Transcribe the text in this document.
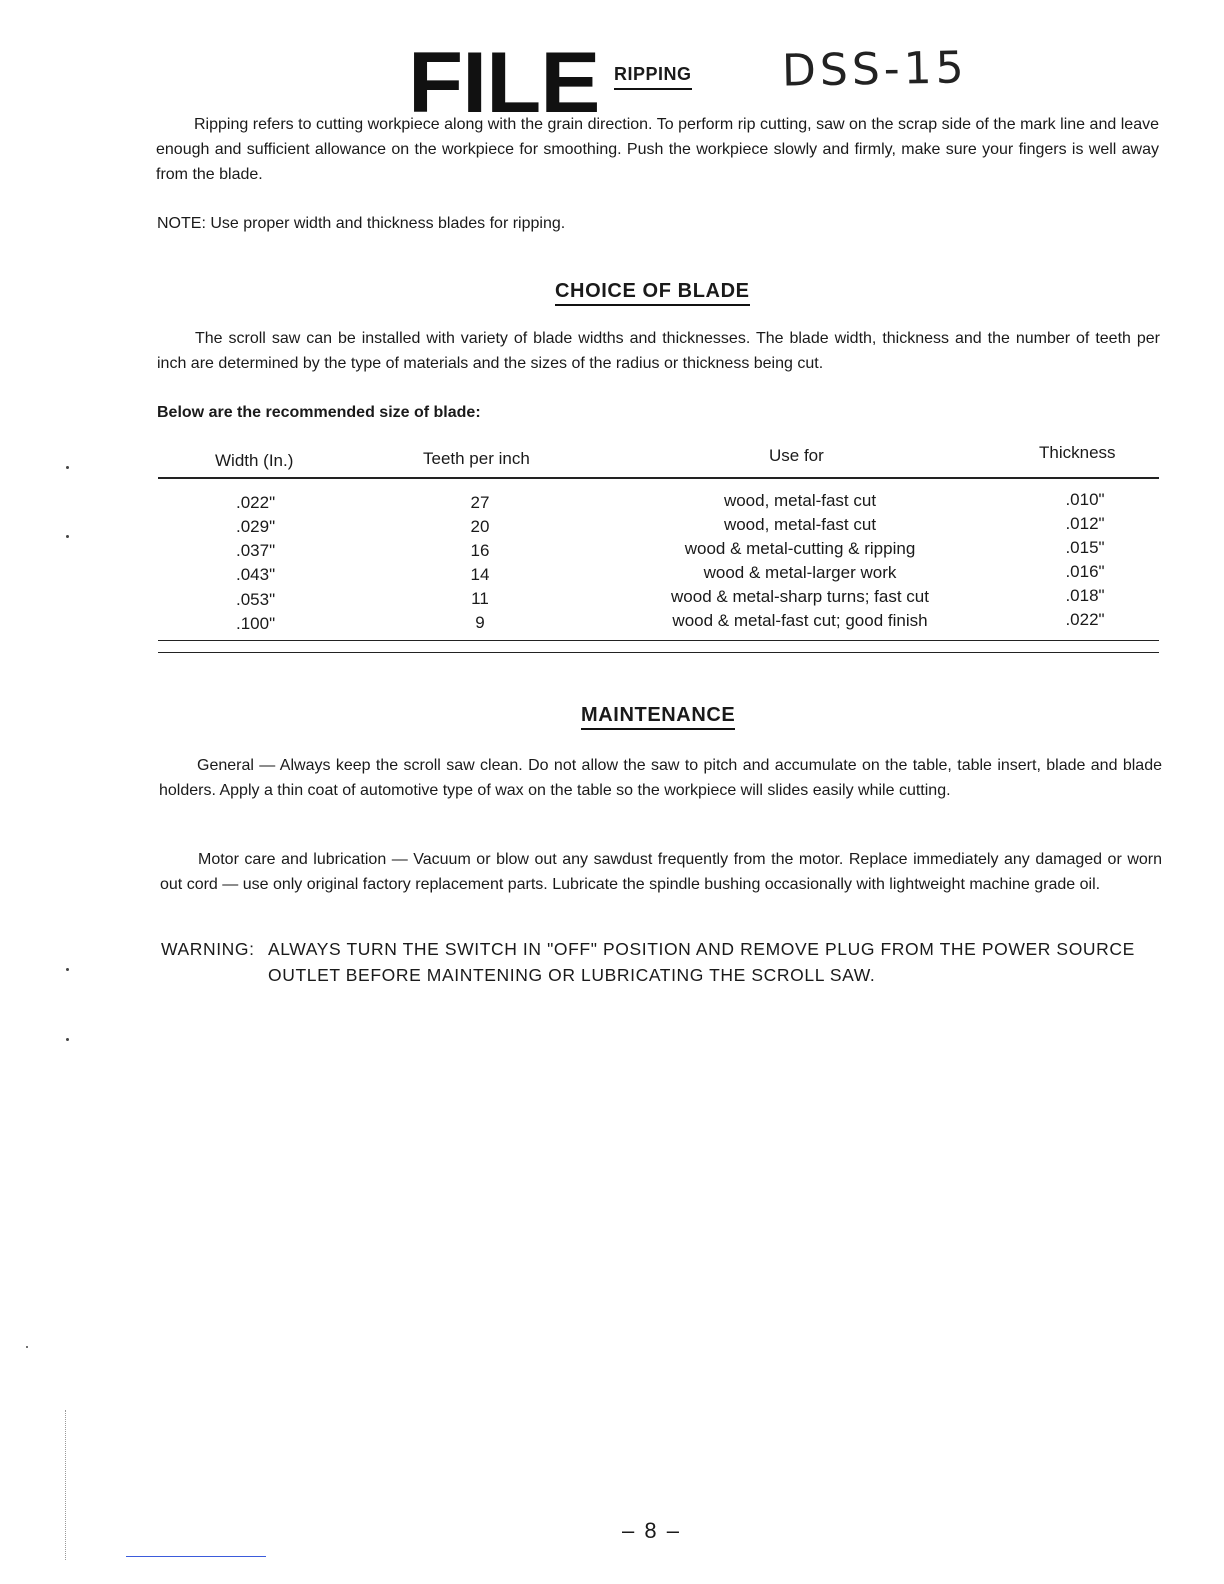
FILE RIPPING DSS-15
Ripping refers to cutting workpiece along with the grain direction. To perform rip cutting, saw on the scrap side of the mark line and leave enough and sufficient allowance on the workpiece for smoothing. Push the workpiece slowly and firmly, make sure your fingers is well away from the blade.
NOTE: Use proper width and thickness blades for ripping.
CHOICE OF BLADE
The scroll saw can be installed with variety of blade widths and thicknesses. The blade width, thickness and the number of teeth per inch are determined by the type of materials and the sizes of the radius or thickness being cut.
Below are the recommended size of blade:
Width (In.)	Teeth per inch	Use for	Thickness
.022"	27	wood, metal-fast cut	.010"
.029"	20	wood, metal-fast cut	.012"
.037"	16	wood & metal-cutting & ripping	.015"
.043"	14	wood & metal-larger work	.016"
.053"	11	wood & metal-sharp turns; fast cut	.018"
.100"	9	wood & metal-fast cut; good finish	.022"
MAINTENANCE
General — Always keep the scroll saw clean. Do not allow the saw to pitch and accumulate on the table, table insert, blade and blade holders. Apply a thin coat of automotive type of wax on the table so the workpiece will slides easily while cutting.
Motor care and lubrication — Vacuum or blow out any sawdust frequently from the motor. Replace immediately any damaged or worn out cord — use only original factory replacement parts. Lubricate the spindle bushing occasionally with lightweight machine grade oil.
WARNING: ALWAYS TURN THE SWITCH IN "OFF" POSITION AND REMOVE PLUG FROM THE POWER SOURCE
OUTLET BEFORE MAINTENING OR LUBRICATING THE SCROLL SAW.
– 8 –
